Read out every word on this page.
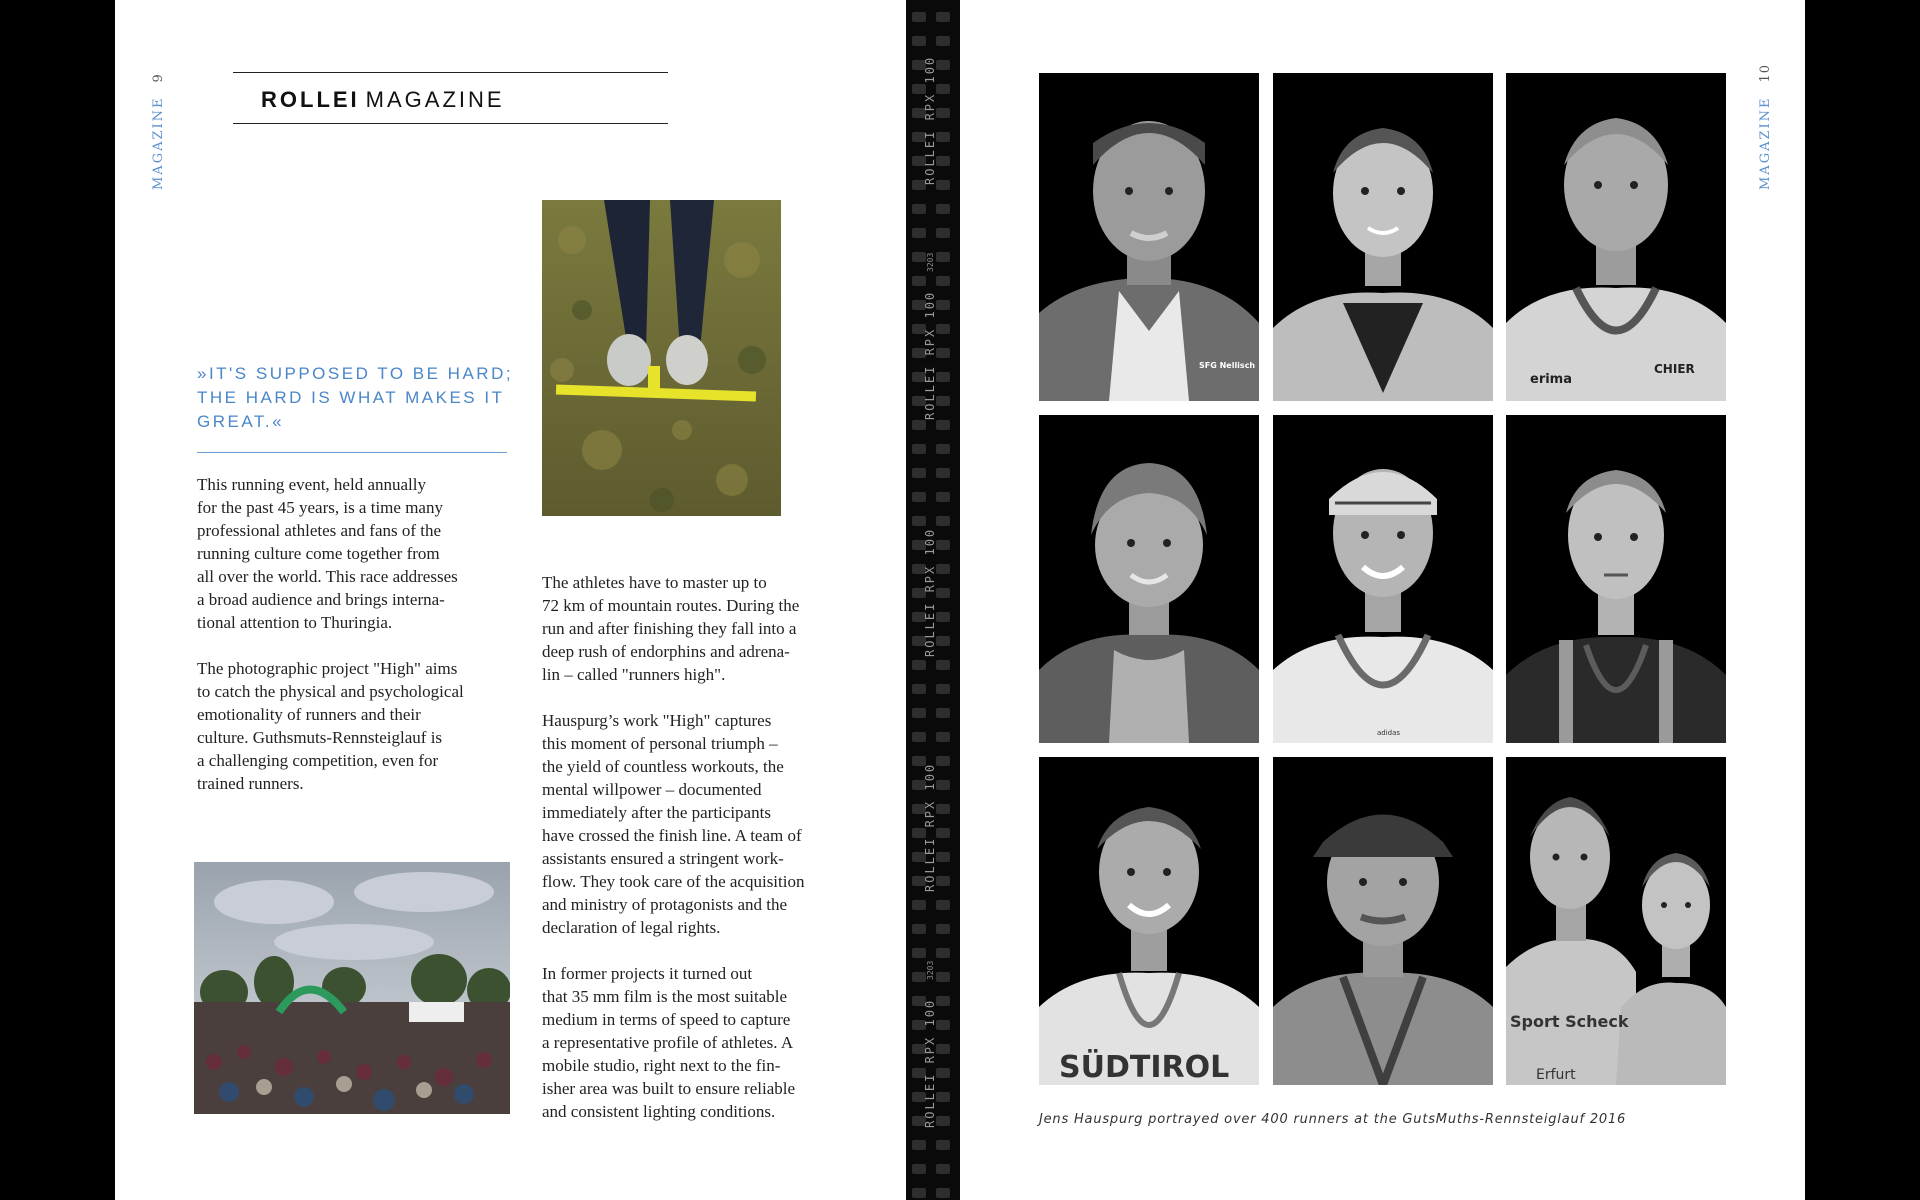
MAGAZINE9
ROLLEI MAGAZINE
»IT'S SUPPOSED TO BE HARD; THE HARD IS WHAT MAKES IT GREAT.«
This running event, held annually
for the past 45 years, is a time many
professional athletes and fans of the
running culture come together from
all over the world. This race addresses
a broad audience and brings interna-
tional attention to Thuringia.
The photographic project "High" aims
to catch the physical and psychological
emotionality of runners and their
culture. Guthsmuts-Rennsteiglauf is
a challenging competition, even for
trained runners.
The athletes have to master up to
72 km of mountain routes. During the
run and after finishing they fall into a
deep rush of endorphins and adrena-
lin – called "runners high".
Hauspurg’s work "High" captures
this moment of personal triumph –
the yield of countless workouts, the
mental willpower – documented
immediately after the participants
have crossed the finish line. A team of
assistants ensured a stringent work-
flow. They took care of the acquisition
and ministry of protagonists and the
declaration of legal rights.
In former projects it turned out
that 35 mm film is the most suitable
medium in terms of speed to capture
a representative profile of athletes. A
mobile studio, right next to the fin-
isher area was built to ensure reliable
and consistent lighting conditions.
ROLLEI RPX 100
ROLLEI RPX 100
ROLLEI RPX 100
ROLLEI RPX 100
ROLLEI RPX 100
3203
3203
MAGAZINE10
SFG Nellisch
erima
CHIER
adidas
SÜDTIROL
Sport Scheck
Erfurt
Jens Hauspurg portrayed over 400 runners at the GutsMuths-Rennsteiglauf 2016
